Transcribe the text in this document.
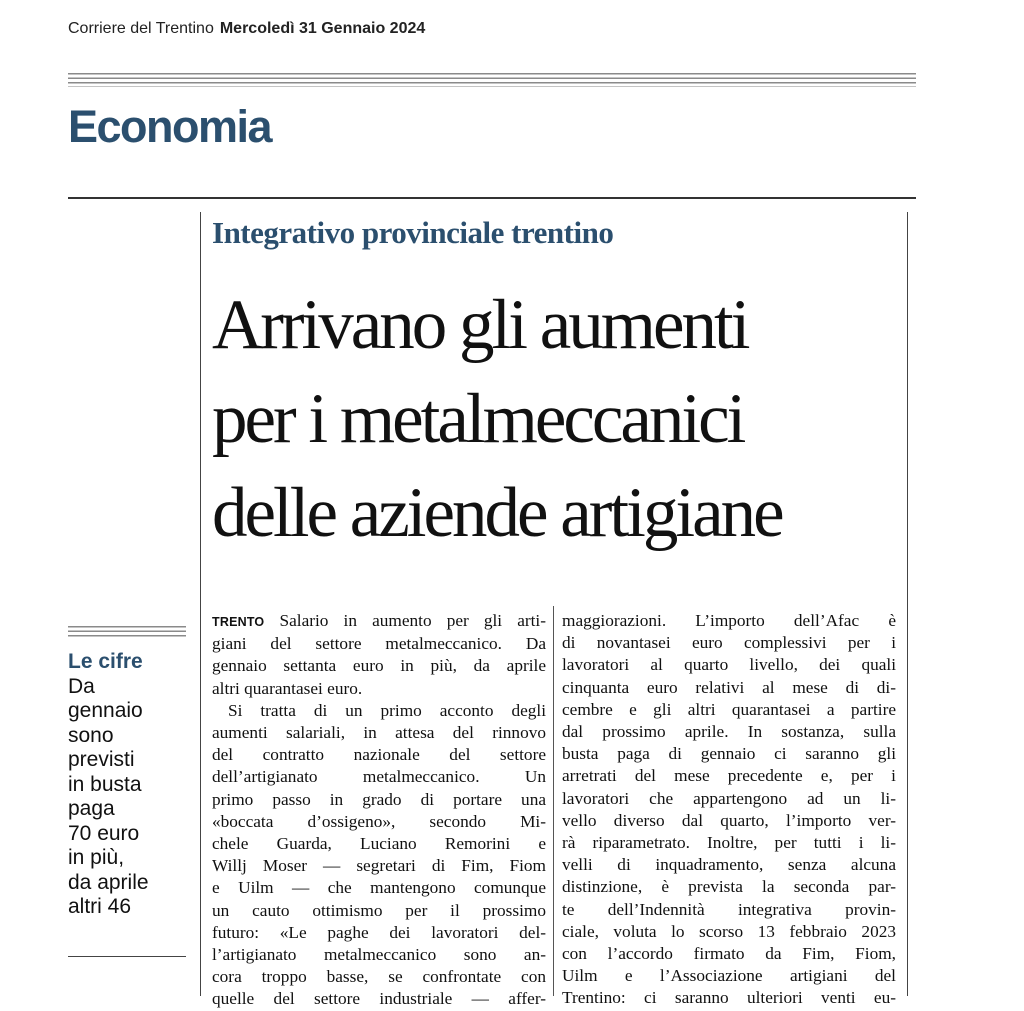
Corriere del Trentino Mercoledì 31 Gennaio 2024
Economia
Integrativo provinciale trentino
Arrivano gli aumenti
per i metalmeccanici
delle aziende artigiane
Le cifre
Da
gennaio
sono
previsti
in busta
paga
70 euro
in più,
da aprile
altri 46
TRENTO Salario in aumento per gli arti-
giani del settore metalmeccanico. Da
gennaio settanta euro in più, da aprile
altri quarantasei euro.
Si tratta di un primo acconto degli
aumenti salariali, in attesa del rinnovo
del contratto nazionale del settore
dell’artigianato metalmeccanico. Un
primo passo in grado di portare una
«boccata d’ossigeno», secondo Mi-
chele Guarda, Luciano Remorini e
Willj Moser — segretari di Fim, Fiom
e Uilm — che mantengono comunque
un cauto ottimismo per il prossimo
futuro: «Le paghe dei lavoratori del-
l’artigianato metalmeccanico sono an-
cora troppo basse, se confrontate con
quelle del settore industriale — affer-
maggiorazioni. L’importo dell’Afac è
di novantasei euro complessivi per i
lavoratori al quarto livello, dei quali
cinquanta euro relativi al mese di di-
cembre e gli altri quarantasei a partire
dal prossimo aprile. In sostanza, sulla
busta paga di gennaio ci saranno gli
arretrati del mese precedente e, per i
lavoratori che appartengono ad un li-
vello diverso dal quarto, l’importo ver-
rà riparametrato. Inoltre, per tutti i li-
velli di inquadramento, senza alcuna
distinzione, è prevista la seconda par-
te dell’Indennità integrativa provin-
ciale, voluta lo scorso 13 febbraio 2023
con l’accordo firmato da Fim, Fiom,
Uilm e l’Associazione artigiani del
Trentino: ci saranno ulteriori venti eu-
